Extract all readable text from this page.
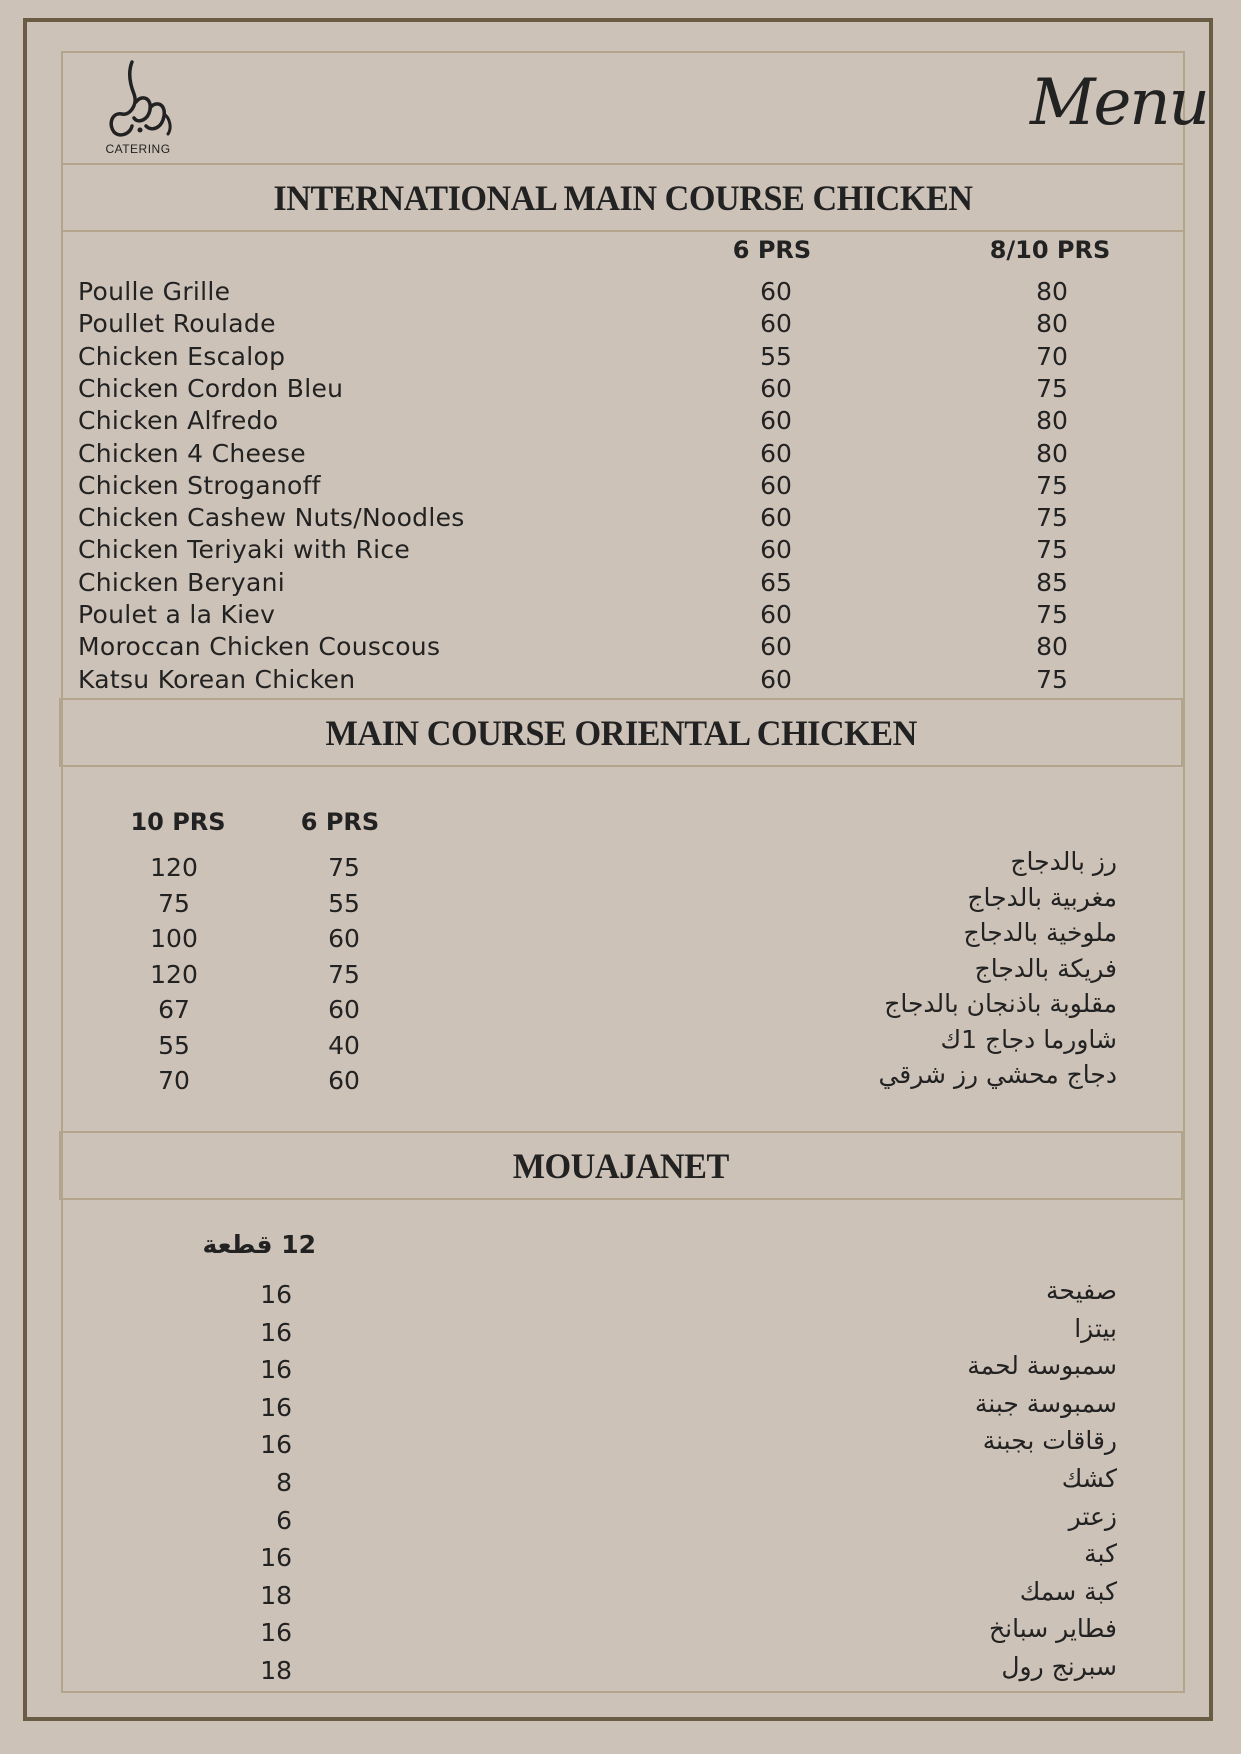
CATERING
Menu
INTERNATIONAL MAIN COURSE CHICKEN
6 PRS	8/10 PRS
Poulle Grille	60	80
Poullet Roulade	60	80
Chicken Escalop	55	70
Chicken Cordon Bleu	60	75
Chicken Alfredo	60	80
Chicken 4 Cheese	60	80
Chicken Stroganoff	60	75
Chicken Cashew Nuts/Noodles	60	75
Chicken Teriyaki with Rice	60	75
Chicken Beryani	65	85
Poulet a la Kiev	60	75
Moroccan Chicken Couscous	60	80
Katsu Korean Chicken	60	75
MAIN COURSE ORIENTAL CHICKEN
10 PRS	6 PRS
120	75	رز بالدجاج
75	55	مغربية بالدجاج
100	60	ملوخية بالدجاج
120	75	فريكة بالدجاج
67	60	مقلوبة باذنجان بالدجاج
55	40	شاورما دجاج 1ك
70	60	دجاج محشي رز شرقي
MOUAJANET
12 قطعة
16	صفيحة
16	بيتزا
16	سمبوسة لحمة
16	سمبوسة جبنة
16	رقاقات بجبنة
8	كشك
6	زعتر
16	كبة
18	كبة سمك
16	فطاير سبانخ
18	سبرنج رول
